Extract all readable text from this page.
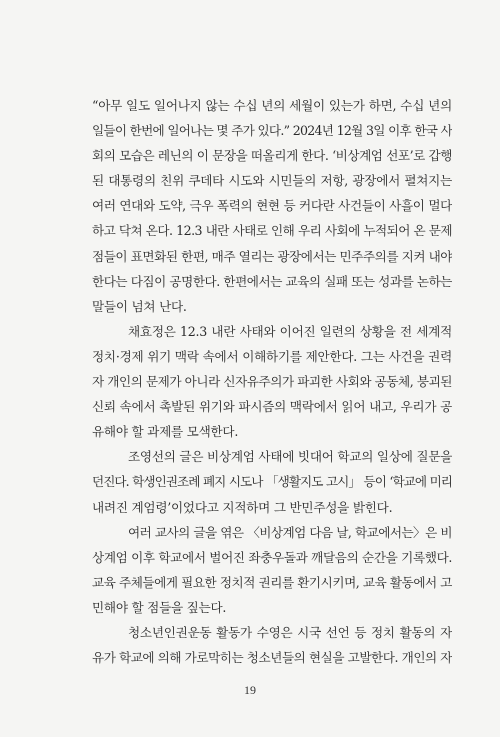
“아무 일도 일어나지 않는 수십 년의 세월이 있는가 하면, 수십 년의
일들이 한번에 일어나는 몇 주가 있다.” 2024년 12월 3일 이후 한국 사
회의 모습은 레닌의 이 문장을 떠올리게 한다. ‘비상계엄 선포’로 갑행
된 대통령의 친위 쿠데타 시도와 시민들의 저항, 광장에서 펼쳐지는
여러 연대와 도약, 극우 폭력의 현현 등 커다란 사건들이 사흘이 멀다
하고 닥쳐 온다. 12.3 내란 사태로 인해 우리 사회에 누적되어 온 문제
점들이 표면화된 한편, 매주 열리는 광장에서는 민주주의를 지켜 내야
한다는 다짐이 공명한다. 한편에서는 교육의 실패 또는 성과를 논하는
말들이 넘쳐 난다.
채효정은 12.3 내란 사태와 이어진 일련의 상황을 전 세계적
정치·경제 위기 맥락 속에서 이해하기를 제안한다. 그는 사건을 권력
자 개인의 문제가 아니라 신자유주의가 파괴한 사회와 공동체, 붕괴된
신뢰 속에서 촉발된 위기와 파시즘의 맥락에서 읽어 내고, 우리가 공
유해야 할 과제를 모색한다.
조영선의 글은 비상계엄 사태에 빗대어 학교의 일상에 질문을
던진다. 학생인권조례 폐지 시도나 「생활지도 고시」 등이 ‘학교에 미리
내려진 계엄령’이었다고 지적하며 그 반민주성을 밝힌다.
여러 교사의 글을 엮은 〈비상계엄 다음 날, 학교에서는〉은 비
상계엄 이후 학교에서 벌어진 좌충우돌과 깨달음의 순간을 기록했다.
교육 주체들에게 필요한 정치적 권리를 환기시키며, 교육 활동에서 고
민해야 할 점들을 짚는다.
청소년인권운동 활동가 수영은 시국 선언 등 정치 활동의 자
유가 학교에 의해 가로막히는 청소년들의 현실을 고발한다. 개인의 자
19
